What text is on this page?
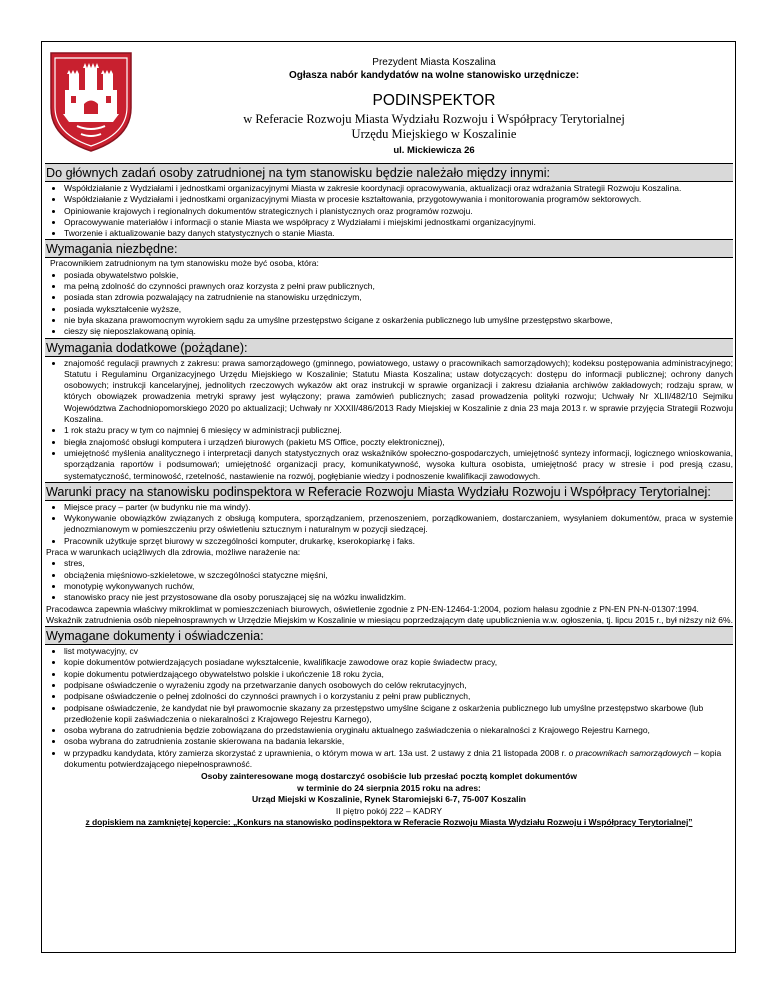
Prezydent Miasta Koszalina
Ogłasza nabór kandydatów na wolne stanowisko urzędnicze:
PODINSPEKTOR
w Referacie Rozwoju Miasta Wydziału Rozwoju i Współpracy Terytorialnej
Urzędu Miejskiego w Koszalinie
ul. Mickiewicza 26
Do głównych zadań osoby zatrudnionej na tym stanowisku będzie należało między innymi:
• Współdziałanie z Wydziałami i jednostkami organizacyjnymi Miasta w zakresie koordynacji opracowywania, aktualizacji oraz wdrażania Strategii Rozwoju Koszalina.
• Współdziałanie z Wydziałami i jednostkami organizacyjnymi Miasta w procesie kształtowania, przygotowywania i monitorowania programów sektorowych.
• Opiniowanie krajowych i regionalnych dokumentów strategicznych i planistycznych oraz programów rozwoju.
• Opracowywanie materiałów i informacji o stanie Miasta we współpracy z Wydziałami i miejskimi jednostkami organizacyjnymi.
• Tworzenie i aktualizowanie bazy danych statystycznych o stanie Miasta.
Wymagania niezbędne:

Pracownikiem zatrudnionym na tym stanowisku może być osoba, która:

• posiada obywatelstwo polskie,
• ma pełną zdolność do czynności prawnych oraz korzysta z pełni praw publicznych,
• posiada stan zdrowia pozwalający na zatrudnienie na stanowisku urzędniczym,
• posiada wykształcenie wyższe,
• nie była skazana prawomocnym wyrokiem sądu za umyślne przestępstwo ścigane z oskarżenia publicznego lub umyślne przestępstwo skarbowe,
• cieszy się nieposzlakowaną opinią.
Wymagania dodatkowe (pożądane):
• znajomość regulacji prawnych z zakresu: prawa samorządowego (gminnego, powiatowego, ustawy o pracownikach samorządowych); kodeksu postępowania administracyjnego; Statutu i Regulaminu Organizacyjnego Urzędu Miejskiego w Koszalinie; Statutu Miasta Koszalina; ustaw dotyczących: dostępu do informacji publicznej; ochrony danych osobowych; instrukcji kancelaryjnej, jednolitych rzeczowych wykazów akt oraz instrukcji w sprawie organizacji i zakresu działania archiwów zakładowych; rodzaju spraw, w których obowiązek prowadzenia metryki sprawy jest wyłączony; prawa zamówień publicznych; zasad prowadzenia polityki rozwoju; Uchwały Nr XLII/482/10 Sejmiku Województwa Zachodniopomorskiego 2020 po aktualizacji; Uchwały nr XXXII/486/2013 Rady Miejskiej w Koszalinie z dnia 23 maja 2013 r. w sprawie przyjęcia Strategii Rozwoju Koszalina.
• 1 rok stażu pracy w tym co najmniej 6 miesięcy w administracji publicznej.
• biegła znajomość obsługi komputera i urządzeń biurowych (pakietu MS Office, poczty elektronicznej),
• umiejętność myślenia analitycznego i interpretacji danych statystycznych oraz wskaźników społeczno-gospodarczych, umiejętność syntezy informacji, logicznego wnioskowania, sporządzania raportów i podsumowań; umiejętność organizacji pracy, komunikatywność, wysoka kultura osobista, umiejętność pracy w stresie i pod presją czasu, systematyczność, terminowość, rzetelność, nastawienie na rozwój, pogłębianie wiedzy i podnoszenie kwalifikacji zawodowych.
Warunki pracy na stanowisku podinspektora w Referacie Rozwoju Miasta Wydziału Rozwoju i Współpracy Terytorialnej:
• Miejsce pracy – parter (w budynku nie ma windy).
• Wykonywanie obowiązków związanych z obsługą komputera, sporządzaniem, przenoszeniem, porządkowaniem, dostarczaniem, wysyłaniem dokumentów, praca w systemie jednozmianowym w pomieszczeniu przy oświetleniu sztucznym i naturalnym w pozycji siedzącej.
• Pracownik użytkuje sprzęt biurowy w szczególności komputer, drukarkę, kserokopiarkę i faks.

Praca w warunkach uciążliwych dla zdrowia, możliwe narażenie na:

• stres,
• obciążenia mięśniowo-szkieletowe, w szczególności statyczne mięśni,
• monotypię wykonywanych ruchów,
• stanowisko pracy nie jest przystosowane dla osoby poruszającej się na wózku inwalidzkim.

Pracodawca zapewnia właściwy mikroklimat w pomieszczeniach biurowych, oświetlenie zgodnie z PN-EN-12464-1:2004, poziom hałasu zgodnie z PN-EN PN-N-01307:1994.

Wskaźnik zatrudnienia osób niepełnosprawnych w Urzędzie Miejskim w Koszalinie w miesiącu poprzedzającym datę upublicznienia w.w. ogłoszenia, tj. lipcu 2015 r., był niższy niż 6%.

Wymagane dokumenty i oświadczenia:
• list motywacyjny, cv
• kopie dokumentów potwierdzających posiadane wykształcenie, kwalifikacje zawodowe oraz kopie świadectw pracy,
• kopie dokumentu potwierdzającego obywatelstwo polskie i ukończenie 18 roku życia,
• podpisane oświadczenie o wyrażeniu zgody na przetwarzanie danych osobowych do celów rekrutacyjnych,
• podpisane oświadczenie o pełnej zdolności do czynności prawnych i o korzystaniu z pełni praw publicznych,
• podpisane oświadczenie, że kandydat nie był prawomocnie skazany za przestępstwo umyślne ścigane z oskarżenia publicznego lub umyślne przestępstwo skarbowe (lub przedłożenie kopii zaświadczenia o niekaralności z Krajowego Rejestru Karnego),
• osoba wybrana do zatrudnienia będzie zobowiązana do przedstawienia oryginału aktualnego zaświadczenia o niekaralności z Krajowego Rejestru Karnego,
• osoba wybrana do zatrudnienia zostanie skierowana na badania lekarskie,
• w przypadku kandydata, który zamierza skorzystać z uprawnienia, o którym mowa w art. 13a ust. 2 ustawy z dnia 21 listopada 2008 r. o pracownikach samorządowych – kopia dokumentu potwierdzającego niepełnosprawność.

Osoby zainteresowane mogą dostarczyć osobiście lub przesłać pocztą komplet dokumentów

w terminie do 24 sierpnia 2015 roku na adres:

Urząd Miejski w Koszalinie, Rynek Staromiejski 6-7, 75-007 Koszalin

II piętro pokój 222 – KADRY

z dopiskiem na zamkniętej kopercie: „Konkurs na stanowisko podinspektora w Referacie Rozwoju Miasta Wydziału Rozwoju i Współpracy Terytorialnej”
